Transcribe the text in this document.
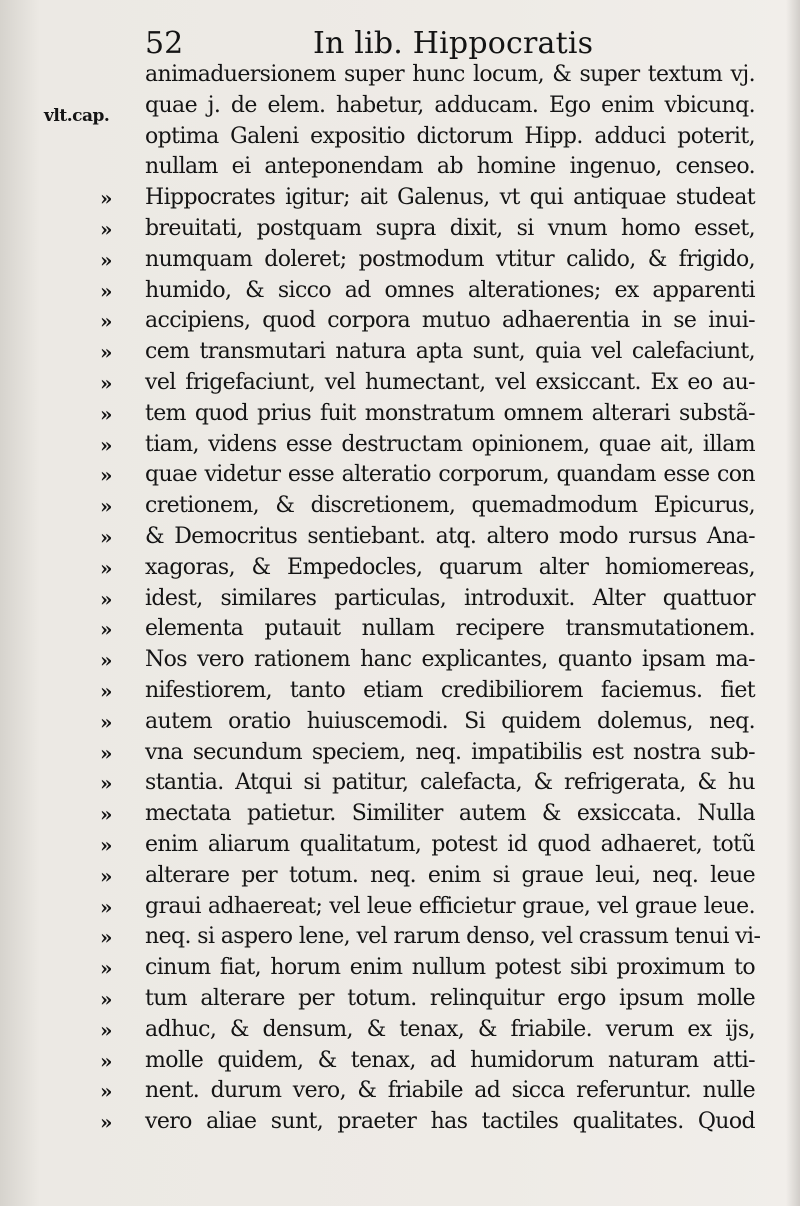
52	In lib. Hippocratis
vlt.cap.
animaduersionem super hunc locum, & super textum vj.
quae j. de elem. habetur, adducam. Ego enim vbicunq.
optima Galeni expositio dictorum Hipp. adduci poterit,
nullam ei anteponendam ab homine ingenuo, censeo.
»	Hippocrates igitur; ait Galenus, vt qui antiquae studeat
»	breuitati, postquam supra dixit, si vnum homo esset,
»	numquam doleret; postmodum vtitur calido, & frigido,
»	humido, & sicco ad omnes alterationes; ex apparenti
»	accipiens, quod corpora mutuo adhaerentia in se inui-
»	cem transmutari natura apta sunt, quia vel calefaciunt,
»	vel frigefaciunt, vel humectant, vel exsiccant. Ex eo au-
»	tem quod prius fuit monstratum omnem alterari substã-
»	tiam, videns esse destructam opinionem, quae ait, illam
»	quae videtur esse alteratio corporum, quandam esse con
»	cretionem, & discretionem, quemadmodum Epicurus,
»	& Democritus sentiebant. atq. altero modo rursus Ana-
»	xagoras, & Empedocles, quarum alter homiomereas,
»	idest, similares particulas, introduxit. Alter quattuor
»	elementa putauit nullam recipere transmutationem.
»	Nos vero rationem hanc explicantes, quanto ipsam ma-
»	nifestiorem, tanto etiam credibiliorem faciemus. fiet
»	autem oratio huiuscemodi. Si quidem dolemus, neq.
»	vna secundum speciem, neq. impatibilis est nostra sub-
»	stantia. Atqui si patitur, calefacta, & refrigerata, & hu
»	mectata patietur. Similiter autem & exsiccata. Nulla
»	enim aliarum qualitatum, potest id quod adhaeret, totũ
»	alterare per totum. neq. enim si graue leui, neq. leue
»	graui adhaereat; vel leue efficietur graue, vel graue leue.
»	neq. si aspero lene, vel rarum denso, vel crassum tenui vi-
»	cinum fiat, horum enim nullum potest sibi proximum to
»	tum alterare per totum. relinquitur ergo ipsum molle
»	adhuc, & densum, & tenax, & friabile. verum ex ijs,
»	molle quidem, & tenax, ad humidorum naturam atti-
»	nent. durum vero, & friabile ad sicca referuntur. nulle
»	vero aliae sunt, praeter has tactiles qualitates. Quod
